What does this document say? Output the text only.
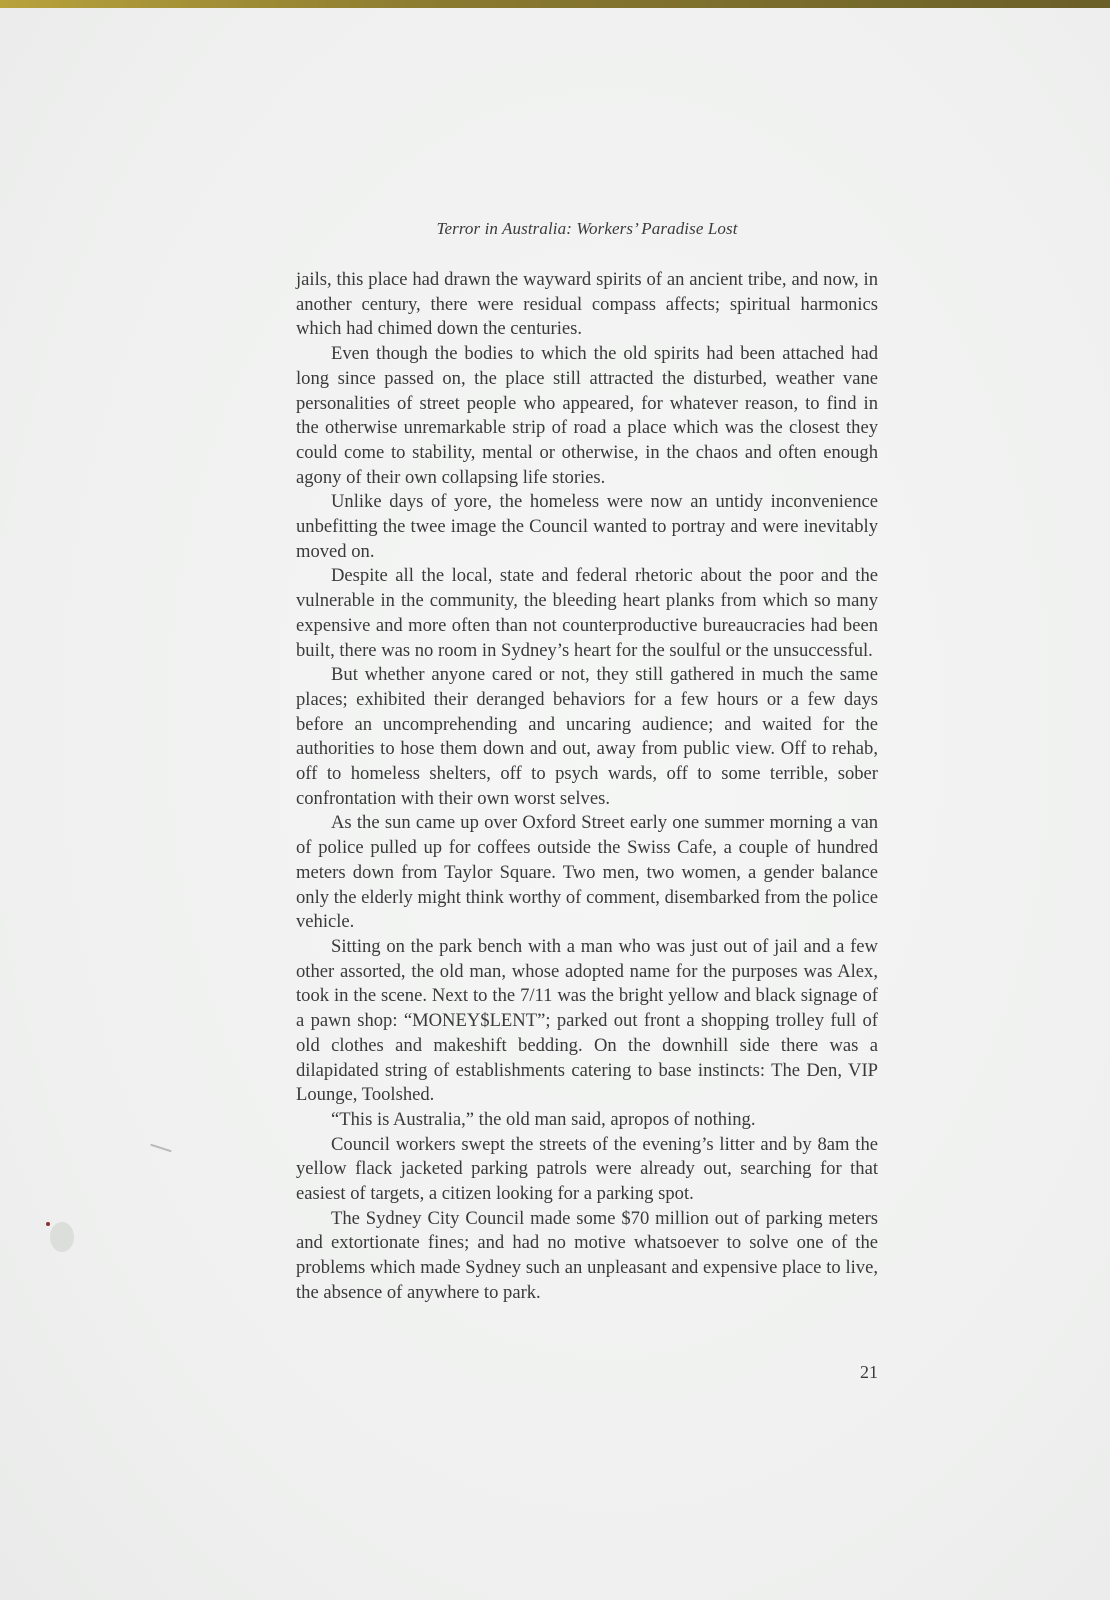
Terror in Australia: Workers’ Paradise Lost

jails, this place had drawn the wayward spirits of an ancient tribe, and now, in another century, there were residual compass affects; spiritual harmonics which had chimed down the centuries.

Even though the bodies to which the old spirits had been attached had long since passed on, the place still attracted the disturbed, weather vane personalities of street people who appeared, for whatever reason, to find in the otherwise unremarkable strip of road a place which was the closest they could come to stability, mental or otherwise, in the chaos and often enough agony of their own collapsing life stories.

Unlike days of yore, the homeless were now an untidy inconvenience unbefitting the twee image the Council wanted to portray and were inevitably moved on.

Despite all the local, state and federal rhetoric about the poor and the vulnerable in the community, the bleeding heart planks from which so many expensive and more often than not counterproductive bureaucracies had been built, there was no room in Sydney’s heart for the soulful or the unsuccessful.

But whether anyone cared or not, they still gathered in much the same places; exhibited their deranged behaviors for a few hours or a few days before an uncomprehending and uncaring audience; and waited for the authorities to hose them down and out, away from public view. Off to rehab, off to homeless shelters, off to psych wards, off to some terrible, sober confrontation with their own worst selves.

As the sun came up over Oxford Street early one summer morning a van of police pulled up for coffees outside the Swiss Cafe, a couple of hundred meters down from Taylor Square. Two men, two women, a gender balance only the elderly might think worthy of comment, disembarked from the police vehicle.

Sitting on the park bench with a man who was just out of jail and a few other assorted, the old man, whose adopted name for the purposes was Alex, took in the scene. Next to the 7/11 was the bright yellow and black signage of a pawn shop: “MONEY$LENT”; parked out front a shopping trolley full of old clothes and makeshift bedding. On the downhill side there was a dilapidated string of establishments catering to base instincts: The Den, VIP Lounge, Toolshed.

“This is Australia,” the old man said, apropos of nothing.

Council workers swept the streets of the evening’s litter and by 8am the yellow flack jacketed parking patrols were already out, searching for that easiest of targets, a citizen looking for a parking spot.

The Sydney City Council made some $70 million out of parking meters and extortionate fines; and had no motive whatsoever to solve one of the problems which made Sydney such an unpleasant and expensive place to live, the absence of anywhere to park.

21
